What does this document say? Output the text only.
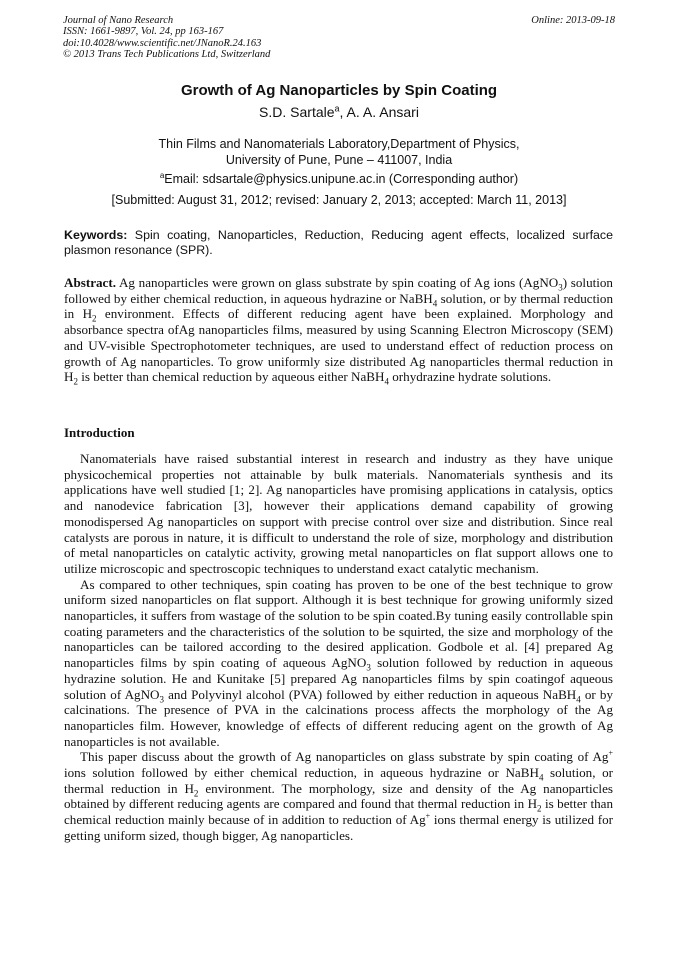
Journal of Nano Research
ISSN: 1661-9897, Vol. 24, pp 163-167
doi:10.4028/www.scientific.net/JNanoR.24.163
© 2013 Trans Tech Publications Ltd, Switzerland
Online: 2013-09-18
Growth of Ag Nanoparticles by Spin Coating
S.D. Sartale$^a$, A. A. Ansari
Thin Films and Nanomaterials Laboratory,Department of Physics,
University of Pune, Pune – 411007, India
$^a$Email: sdsartale@physics.unipune.ac.in (Corresponding author)
[Submitted: August 31, 2012; revised: January 2, 2013; accepted: March 11, 2013]
Keywords: Spin coating, Nanoparticles, Reduction, Reducing agent effects, localized surface plasmon resonance (SPR).

Abstract. Ag nanoparticles were grown on glass substrate by spin coating of Ag ions (AgNO$_3$) solution followed by either chemical reduction, in aqueous hydrazine or NaBH$_4$ solution, or by thermal reduction in $H_2$ environment. Effects of different reducing agent have been explained. Morphology and absorbance spectra ofAg nanoparticles films, measured by using Scanning Electron Microscopy (SEM) and UV-visible Spectrophotometer techniques, are used to understand effect of reduction process on growth of Ag nanoparticles. To grow uniformly size distributed Ag nanoparticles thermal reduction in $H_2$ is better than chemical reduction by aqueous either NaBH$_4$ orhydrazine hydrate solutions.

Introduction

Nanomaterials have raised substantial interest in research and industry as they have unique physicochemical properties not attainable by bulk materials. Nanomaterials synthesis and its applications have well studied [1; 2]. Ag nanoparticles have promising applications in catalysis, optics and nanodevice fabrication [3], however their applications demand capability of growing monodispersed Ag nanoparticles on support with precise control over size and distribution. Since real catalysts are porous in nature, it is difficult to understand the role of size, morphology and distribution of metal nanoparticles on catalytic activity, growing metal nanoparticles on flat support allows one to utilize microscopic and spectroscopic techniques to understand exact catalytic mechanism.

As compared to other techniques, spin coating has proven to be one of the best technique to grow uniform sized nanoparticles on flat support. Although it is best technique for growing uniformly sized nanoparticles, it suffers from wastage of the solution to be spin coated.By tuning easily controllable spin coating parameters and the characteristics of the solution to be squirted, the size and morphology of the nanoparticles can be tailored according to the desired application. Godbole et al. [4] prepared Ag nanoparticles films by spin coating of aqueous AgNO$_3$ solution followed by reduction in aqueous hydrazine solution. He and Kunitake [5] prepared Ag nanoparticles films by spin coatingof aqueous solution of AgNO$_3$ and Polyvinyl alcohol (PVA) followed by either reduction in aqueous NaBH$_4$ or by calcinations. The presence of PVA in the calcinations process affects the morphology of the Ag nanoparticles film. However, knowledge of effects of different reducing agent on the growth of Ag nanoparticles is not available.

This paper discuss about the growth of Ag nanoparticles on glass substrate by spin coating of Ag+ ions solution followed by either chemical reduction, in aqueous hydrazine or NaBH$_4$ solution, or thermal reduction in $H_2$ environment. The morphology, size and density of the Ag nanoparticles obtained by different reducing agents are compared and found that thermal reduction in $H_2$ is better than chemical reduction mainly because of in addition to reduction of Ag+ ions thermal energy is utilized for getting uniform sized, though bigger, Ag nanoparticles.
